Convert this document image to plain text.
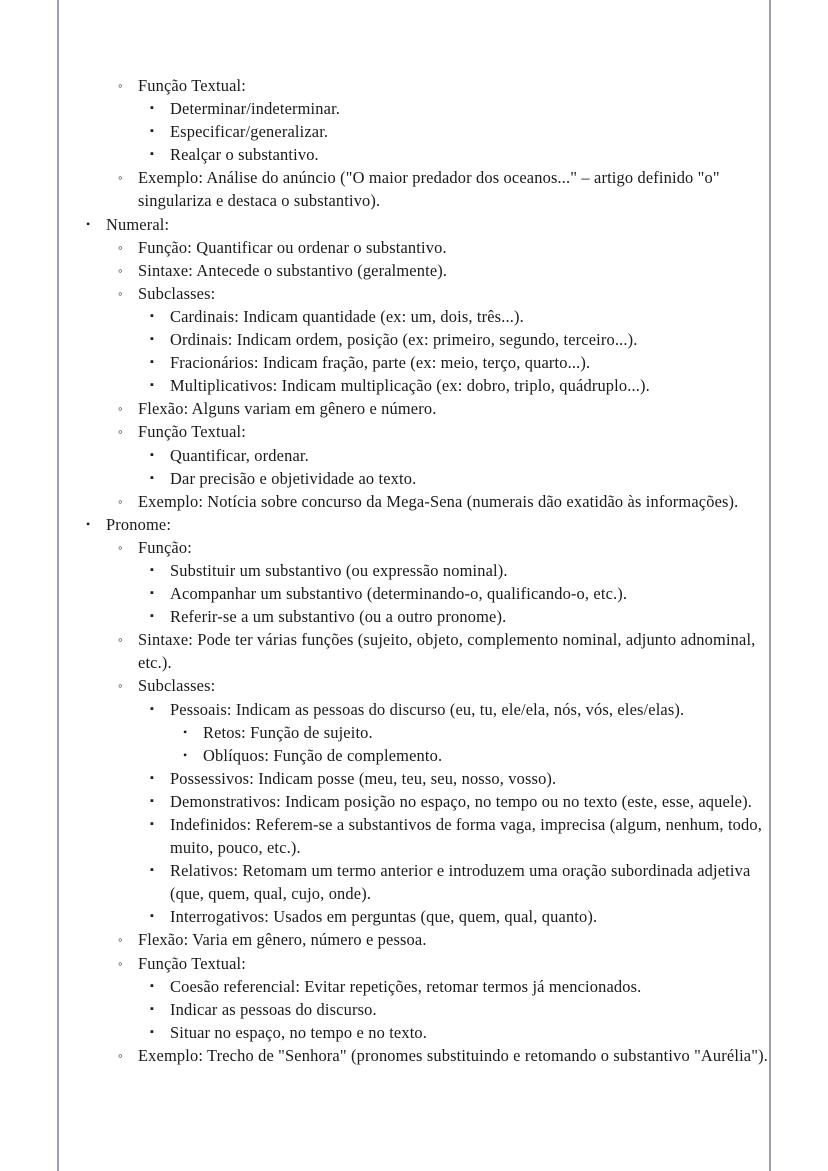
◦ Função Textual:
▪ Determinar/indeterminar.
▪ Especificar/generalizar.
▪ Realçar o substantivo.
◦ Exemplo: Análise do anúncio ("O maior predador dos oceanos..." – artigo definido "o" singulariza e destaca o substantivo).
• Numeral:
◦ Função: Quantificar ou ordenar o substantivo.
◦ Sintaxe: Antecede o substantivo (geralmente).
◦ Subclasses:
▪ Cardinais: Indicam quantidade (ex: um, dois, três...).
▪ Ordinais: Indicam ordem, posição (ex: primeiro, segundo, terceiro...).
▪ Fracionários: Indicam fração, parte (ex: meio, terço, quarto...).
▪ Multiplicativos: Indicam multiplicação (ex: dobro, triplo, quádruplo...).
◦ Flexão: Alguns variam em gênero e número.
◦ Função Textual:
▪ Quantificar, ordenar.
▪ Dar precisão e objetividade ao texto.
◦ Exemplo: Notícia sobre concurso da Mega-Sena (numerais dão exatidão às informações).
• Pronome:
◦ Função:
▪ Substituir um substantivo (ou expressão nominal).
▪ Acompanhar um substantivo (determinando-o, qualificando-o, etc.).
▪ Referir-se a um substantivo (ou a outro pronome).
◦ Sintaxe: Pode ter várias funções (sujeito, objeto, complemento nominal, adjunto adnominal, etc.).
◦ Subclasses:
▪ Pessoais: Indicam as pessoas do discurso (eu, tu, ele/ela, nós, vós, eles/elas).
• Retos: Função de sujeito.
• Oblíquos: Função de complemento.
▪ Possessivos: Indicam posse (meu, teu, seu, nosso, vosso).
▪ Demonstrativos: Indicam posição no espaço, no tempo ou no texto (este, esse, aquele).
▪ Indefinidos: Referem-se a substantivos de forma vaga, imprecisa (algum, nenhum, todo, muito, pouco, etc.).
▪ Relativos: Retomam um termo anterior e introduzem uma oração subordinada adjetiva (que, quem, qual, cujo, onde).
▪ Interrogativos: Usados em perguntas (que, quem, qual, quanto).
◦ Flexão: Varia em gênero, número e pessoa.
◦ Função Textual:
▪ Coesão referencial: Evitar repetições, retomar termos já mencionados.
▪ Indicar as pessoas do discurso.
▪ Situar no espaço, no tempo e no texto.
◦ Exemplo: Trecho de "Senhora" (pronomes substituindo e retomando o substantivo "Aurélia").
